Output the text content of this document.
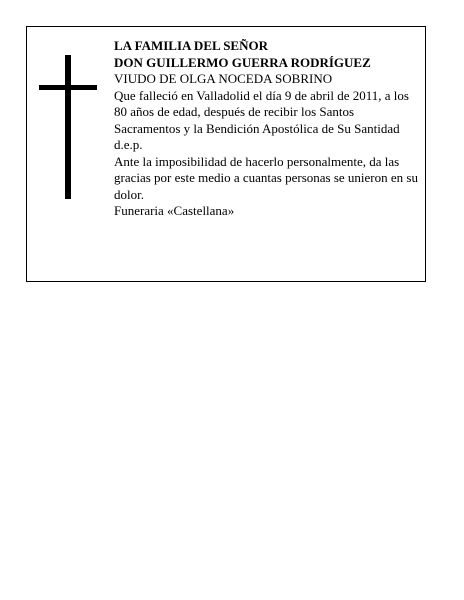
LA FAMILIA DEL SEÑOR

DON GUILLERMO GUERRA RODRÍGUEZ

VIUDO DE OLGA NOCEDA SOBRINO

Que falleció en Valladolid el día 9 de abril de 2011, a los 80 años de edad, después de recibir los Santos Sacramentos y la Bendición Apostólica de Su Santidad

d.e.p.

Ante la imposibilidad de hacerlo personalmente, da las gracias por este medio a cuantas personas se unieron en su dolor.

Funeraria «Castellana»
